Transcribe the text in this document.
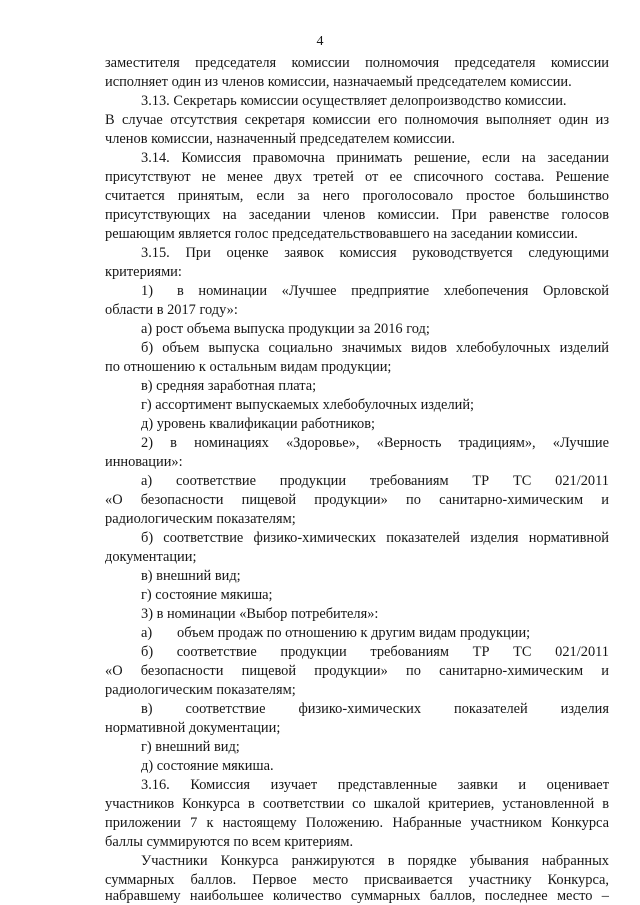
4
заместителя председателя комиссии полномочия председателя комиссии
исполняет один из членов комиссии, назначаемый председателем комиссии.
3.13. Секретарь комиссии осуществляет делопроизводство комиссии.
В случае отсутствия секретаря комиссии его полномочия выполняет один из
членов комиссии, назначенный председателем комиссии.
3.14. Комиссия правомочна принимать решение, если на заседании
присутствуют не менее двух третей от ее списочного состава. Решение
считается принятым, если за него проголосовало простое большинство
присутствующих на заседании членов комиссии. При равенстве голосов
решающим является голос председательствовавшего на заседании комиссии.
3.15. При оценке заявок комиссия руководствуется следующими
критериями:
1) в номинации «Лучшее предприятие хлебопечения Орловской
области в 2017 году»:
а) рост объема выпуска продукции за 2016 год;
б) объем выпуска социально значимых видов хлебобулочных изделий
по отношению к остальным видам продукции;
в) средняя заработная плата;
г) ассортимент выпускаемых хлебобулочных изделий;
д) уровень квалификации работников;
2) в номинациях «Здоровье», «Верность традициям», «Лучшие
инновации»:
а) соответствие продукции требованиям ТР ТС 021/2011
«О безопасности пищевой продукции» по санитарно-химическим и
радиологическим показателям;
б) соответствие физико-химических показателей изделия нормативной
документации;
в) внешний вид;
г) состояние мякиша;
3) в номинации «Выбор потребителя»:
а) объем продаж по отношению к другим видам продукции;
б) соответствие продукции требованиям ТР ТС 021/2011
«О безопасности пищевой продукции» по санитарно-химическим и
радиологическим показателям;
в) соответствие физико-химических показателей изделия
нормативной документации;
г) внешний вид;
д) состояние мякиша.
3.16. Комиссия изучает представленные заявки и оценивает
участников Конкурса в соответствии со шкалой критериев, установленной в
приложении 7 к настоящему Положению. Набранные участником Конкурса
баллы суммируются по всем критериям.
Участники Конкурса ранжируются в порядке убывания набранных
суммарных баллов. Первое место присваивается участнику Конкурса,
набравшему наибольшее количество суммарных баллов, последнее место –
